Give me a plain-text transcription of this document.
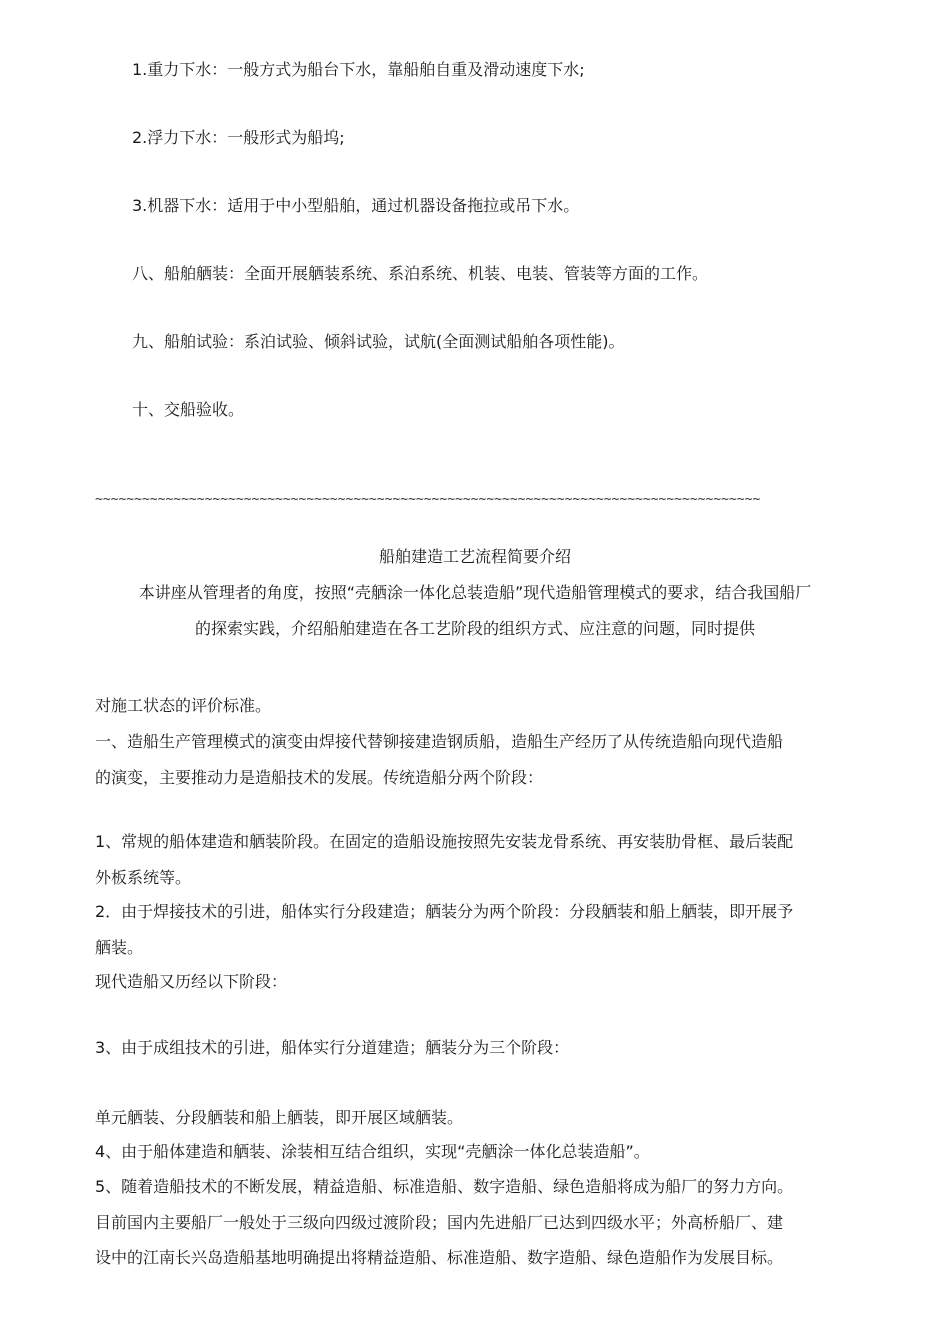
1.重力下水：一般方式为船台下水，靠船舶自重及滑动速度下水;
2.浮力下水：一般形式为船坞;
3.机器下水：适用于中小型船舶，通过机器设备拖拉或吊下水。
八、船舶舾装：全面开展舾装系统、系泊系统、机装、电装、管装等方面的工作。
九、船舶试验：系泊试验、倾斜试验，试航(全面测试船舶各项性能)。
十、交船验收。
~~~~~~~~~~~~~~~~~~~~~~~~~~~~~~~~~~~~~~~~~~~~~~~~~~~~~~~~~~~~~~~~~~~~~~~~~~~~~~~~~~~~~
船舶建造工艺流程简要介绍
本讲座从管理者的角度，按照“壳舾涂一体化总装造船”现代造船管理模式的要求，结合我国船厂
的探索实践，介绍船舶建造在各工艺阶段的组织方式、应注意的问题，同时提供
对施工状态的评价标准。
一、造船生产管理模式的演变由焊接代替铆接建造钢质船，造船生产经历了从传统造船向现代造船
的演变，主要推动力是造船技术的发展。传统造船分两个阶段：
1、常规的船体建造和舾装阶段。在固定的造船设施按照先安装龙骨系统、再安装肋骨框、最后装配
外板系统等。
2．由于焊接技术的引进，船体实行分段建造；舾装分为两个阶段：分段舾装和船上舾装，即开展予
舾装。
现代造船又历经以下阶段：
3、由于成组技术的引进，船体实行分道建造；舾装分为三个阶段：
单元舾装、分段舾装和船上舾装，即开展区域舾装。
4、由于船体建造和舾装、涂装相互结合组织，实现“壳舾涂一体化总装造船”。
5、随着造船技术的不断发展，精益造船、标准造船、数字造船、绿色造船将成为船厂的努力方向。
目前国内主要船厂一般处于三级向四级过渡阶段；国内先进船厂已达到四级水平；外高桥船厂、建
设中的江南长兴岛造船基地明确提出将精益造船、标准造船、数字造船、绿色造船作为发展目标。
